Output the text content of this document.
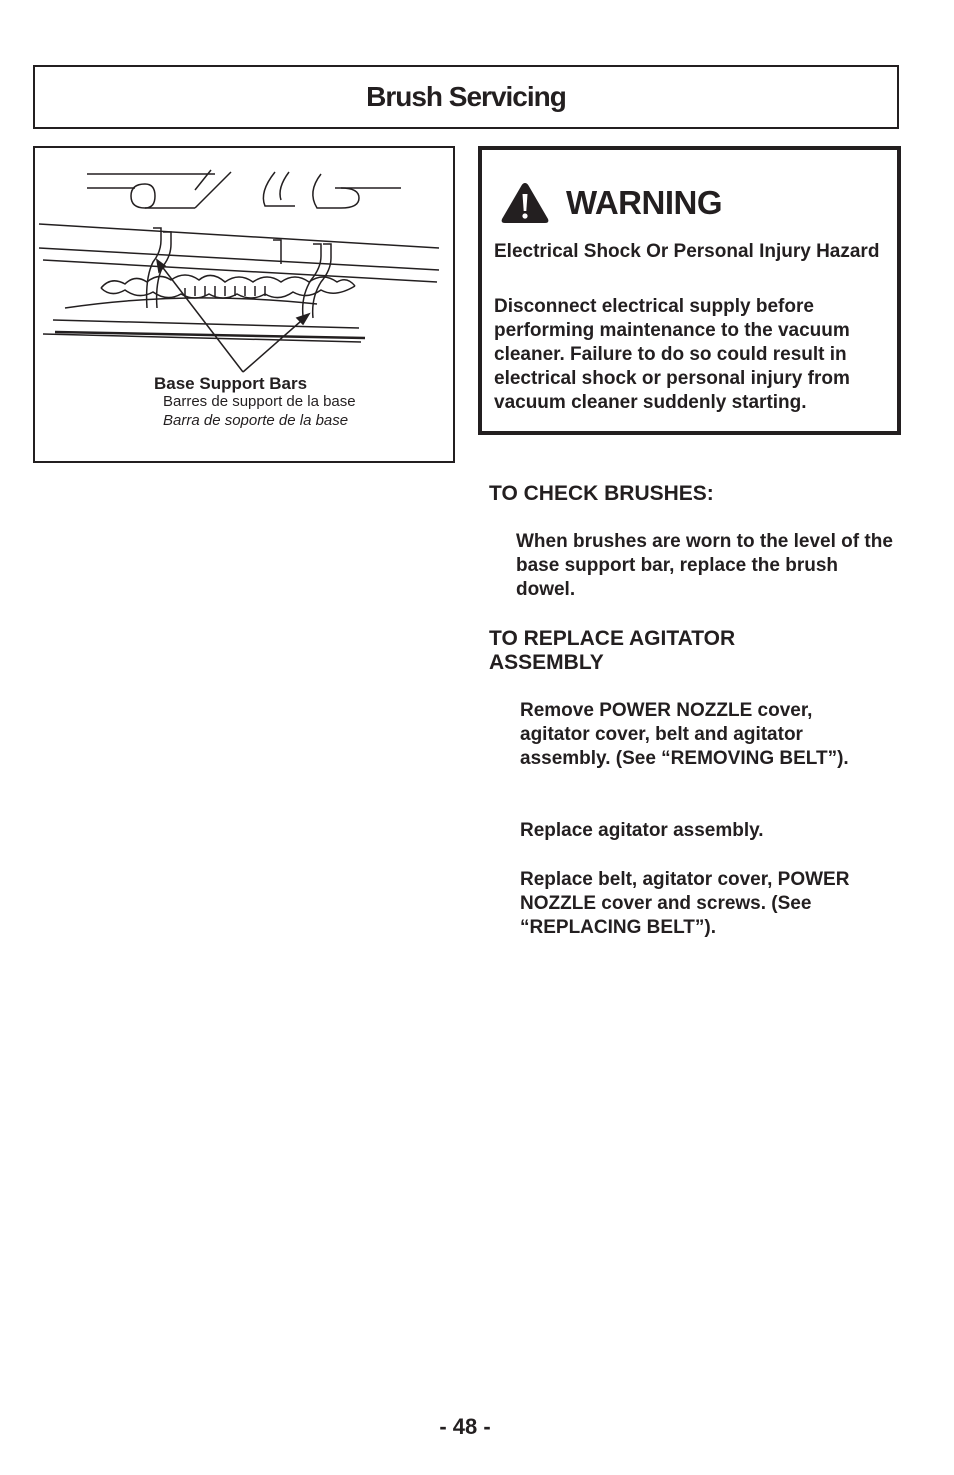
Brush Servicing
Base Support Bars
Barres de support de la base
Barra de soporte de la base
WARNING
Electrical Shock Or Personal Injury Hazard
Disconnect electrical supply before performing maintenance to the vacuum cleaner. Failure to do so could result in electrical shock or personal injury from vacuum cleaner suddenly starting.
TO CHECK BRUSHES:
When brushes are worn to the level of the base support bar, replace the brush dowel.
TO REPLACE AGITATOR ASSEMBLY
Remove POWER NOZZLE cover, agitator cover, belt and agitator assembly. (See “REMOVING BELT”).
Replace agitator assembly.
Replace belt, agitator cover, POWER NOZZLE cover and screws. (See “REPLACING BELT”).
- 48 -
